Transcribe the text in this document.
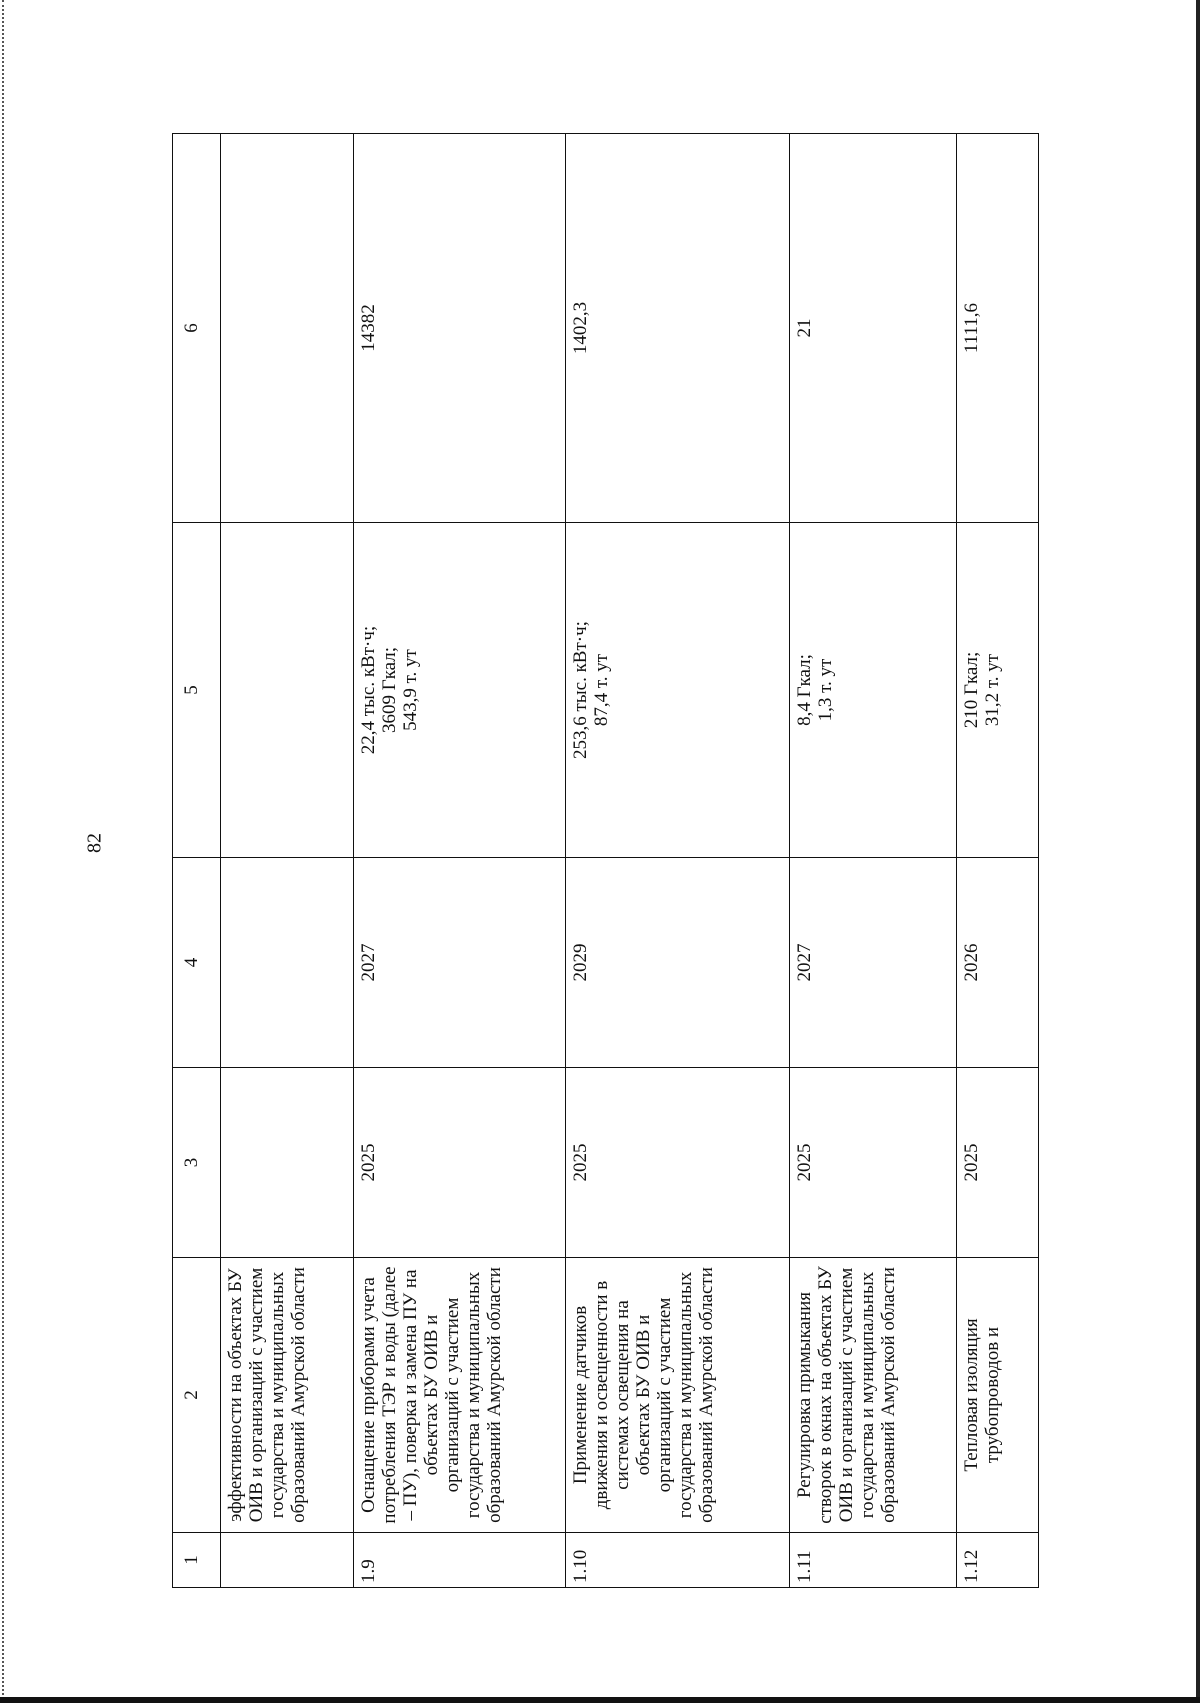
82
1	2	3	4	5	6
	эффективности на объектах БУ ОИВ и организаций с участием государства и муниципальных образований Амурской области				
1.9	Оснащение приборами учета потребления ТЭР и воды (далее – ПУ), поверка и замена ПУ на объектах БУ ОИВ и организаций с участием государства и муниципальных образований Амурской области	2025	2027	22,4 тыс. кВт·ч;
3609 Гкал;
543,9 т. ут	14382
1.10	Применение датчиков движения и освещенности в системах освещения на объектах БУ ОИВ и организаций с участием государства и муниципальных образований Амурской области	2025	2029	253,6 тыс. кВт·ч;
87,4 т. ут	1402,3
1.11	Регулировка примыкания створок в окнах на объектах БУ ОИВ и организаций с участием государства и муниципальных образований Амурской области	2025	2027	8,4 Гкал;
1,3 т. ут	21
1.12	Тепловая изоляция трубопроводов и	2025	2026	210 Гкал;
31,2 т. ут	1111,6
